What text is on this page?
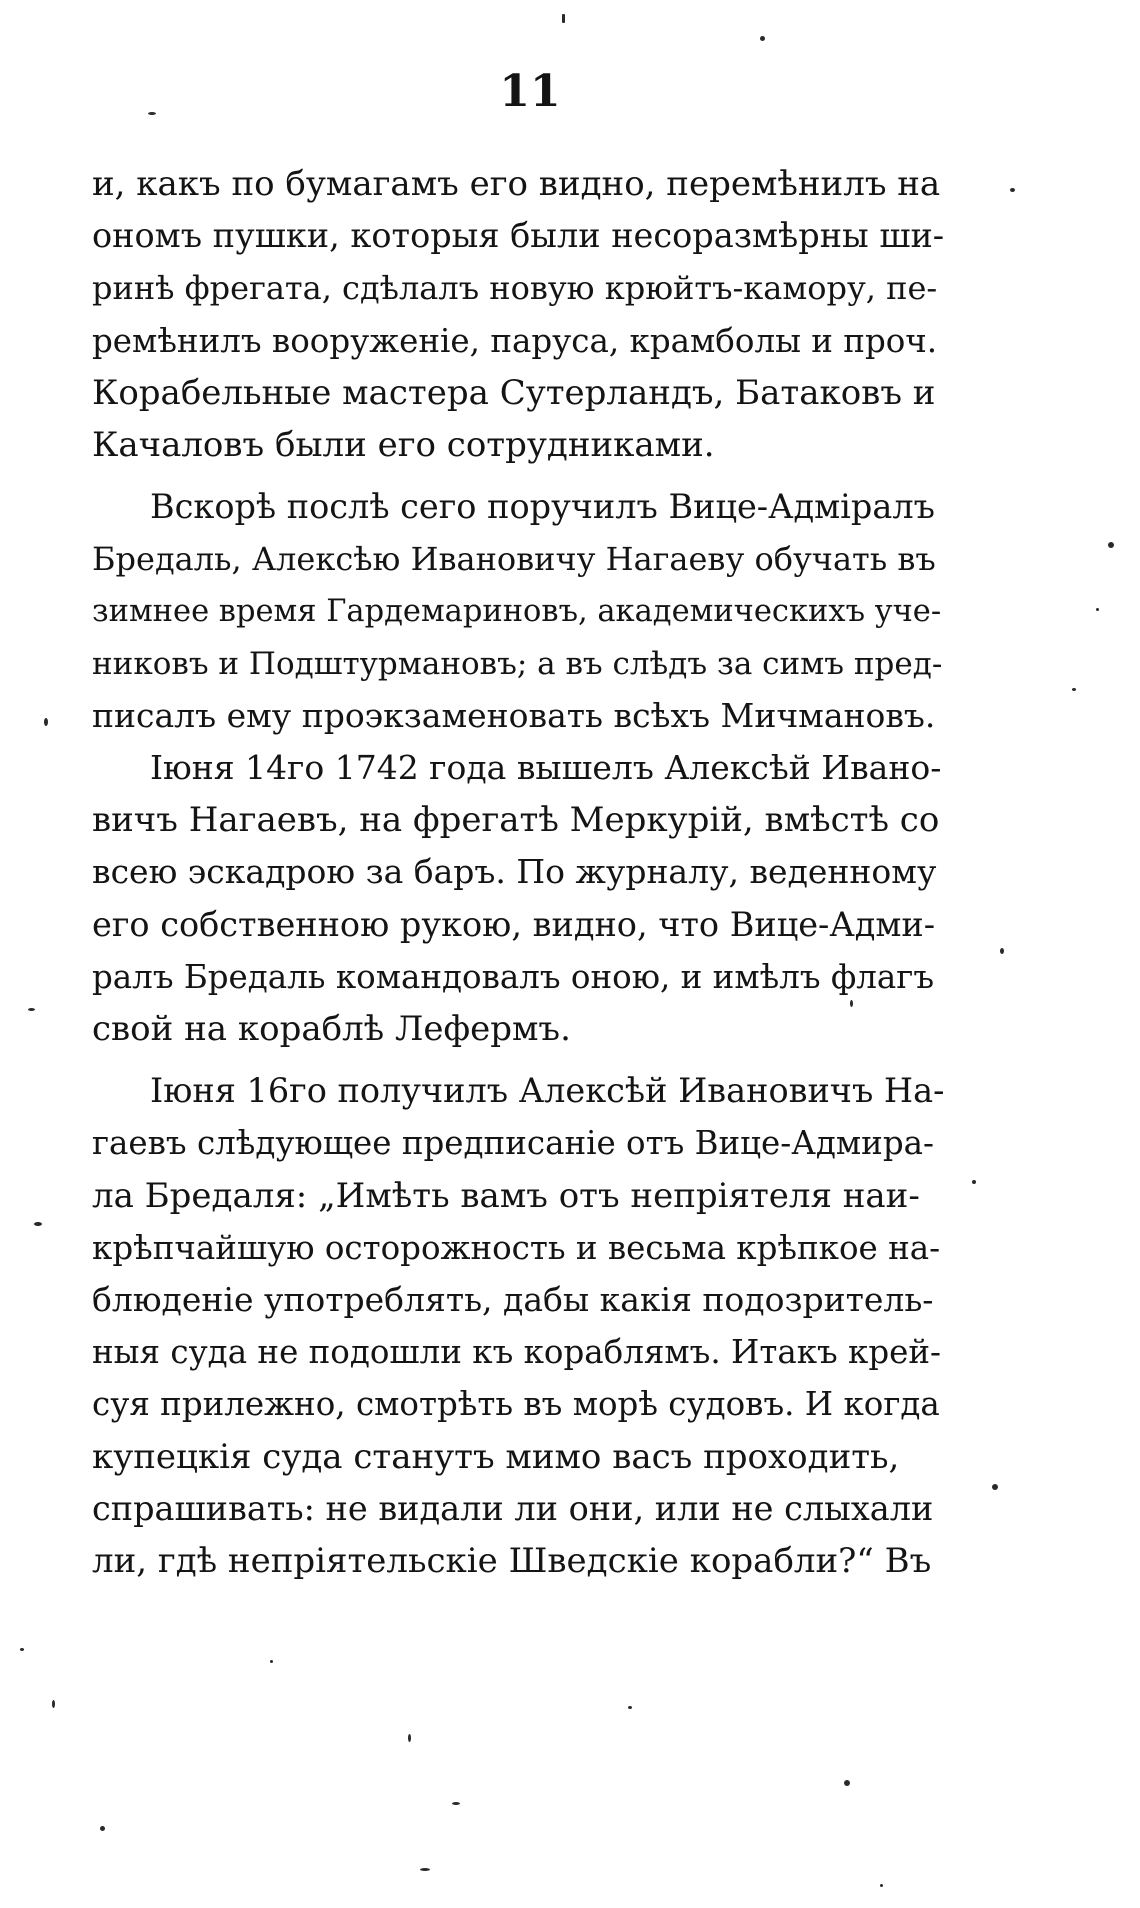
11
и, какъ по бумагамъ его видно, перемѣнилъ на
ономъ пушки, которыя были несоразмѣрны ши-
ринѣ фрегата, сдѣлалъ новую крюйтъ-камору, пе-
ремѣнилъ вооруженіе, паруса, крамболы и проч.
Корабельные мастера Сутерландъ, Батаковъ и
Качаловъ были его сотрудниками.
Вскорѣ послѣ сего поручилъ Вице-Адміралъ
Бредаль, Алексѣю Ивановичу Нагаеву обучать въ
зимнее время Гардемариновъ, академическихъ уче-
никовъ и Подштурмановъ; а въ слѣдъ за симъ пред-
писалъ ему проэкзаменовать всѣхъ Мичмановъ.
Іюня 14го 1742 года вышелъ Алексѣй Ивано-
вичъ Нагаевъ, на фрегатѣ Меркурій, вмѣстѣ со
всею эскадрою за баръ. По журналу, веденному
его собственною рукою, видно, что Вице-Адми-
ралъ Бредаль командовалъ оною, и имѣлъ флагъ
свой на кораблѣ Лефермъ.
Іюня 16го получилъ Алексѣй Ивановичъ На-
гаевъ слѣдующее предписаніе отъ Вице-Адмира-
ла Бредаля: „Имѣть вамъ отъ непріятеля наи-
крѣпчайшую осторожность и весьма крѣпкое на-
блюденіе употреблять, дабы какія подозритель-
ныя суда не подошли къ кораблямъ. Итакъ крей-
суя прилежно, смотрѣть въ морѣ судовъ. И когда
купецкія суда станутъ мимо васъ проходить,
спрашивать: не видали ли они, или не слыхали
ли, гдѣ непріятельскіе Шведскіе корабли?“ Въ
